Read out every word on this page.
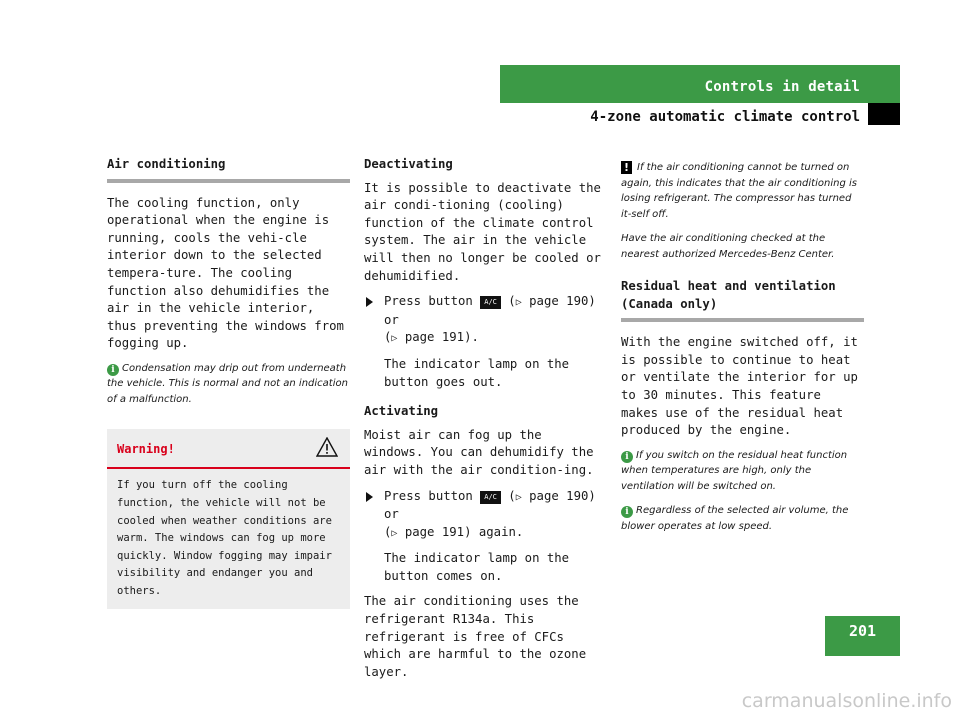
Controls in detail
4-zone automatic climate control
Air conditioning

The cooling function, only operational when the engine is running, cools the vehi-cle interior down to the selected tempera-ture. The cooling function also dehumidifies the air in the vehicle interior, thus preventing the windows from fogging up.

i Condensation may drip out from underneath the vehicle. This is normal and not an indication of a malfunction.
Warning!
If you turn off the cooling function, the vehicle will not be cooled when weather conditions are warm. The windows can fog up more quickly. Window fogging may impair visibility and endanger you and others.
Deactivating

It is possible to deactivate the air condi-tioning (cooling) function of the climate control system. The air in the vehicle will then no longer be cooled or dehumidified.

Press button A/C (▷ page 190) or
(▷ page 191).
The indicator lamp on the button goes out.
Activating

Moist air can fog up the windows. You can dehumidify the air with the air condition-ing.

Press button A/C (▷ page 190) or
(▷ page 191) again.
The indicator lamp on the button comes on.

The air conditioning uses the refrigerant R134a. This refrigerant is free of CFCs which are harmful to the ozone layer.

! If the air conditioning cannot be turned on again, this indicates that the air conditioning is losing refrigerant. The compressor has turned it-self off.
Have the air conditioning checked at the nearest authorized Mercedes-Benz Center.
Residual heat and ventilation (Canada only)

With the engine switched off, it is possible to continue to heat or ventilate the interior for up to 30 minutes. This feature makes use of the residual heat produced by the engine.

i If you switch on the residual heat function when temperatures are high, only the ventilation will be switched on.
i Regardless of the selected air volume, the blower operates at low speed.
201
carmanualsonline.info
